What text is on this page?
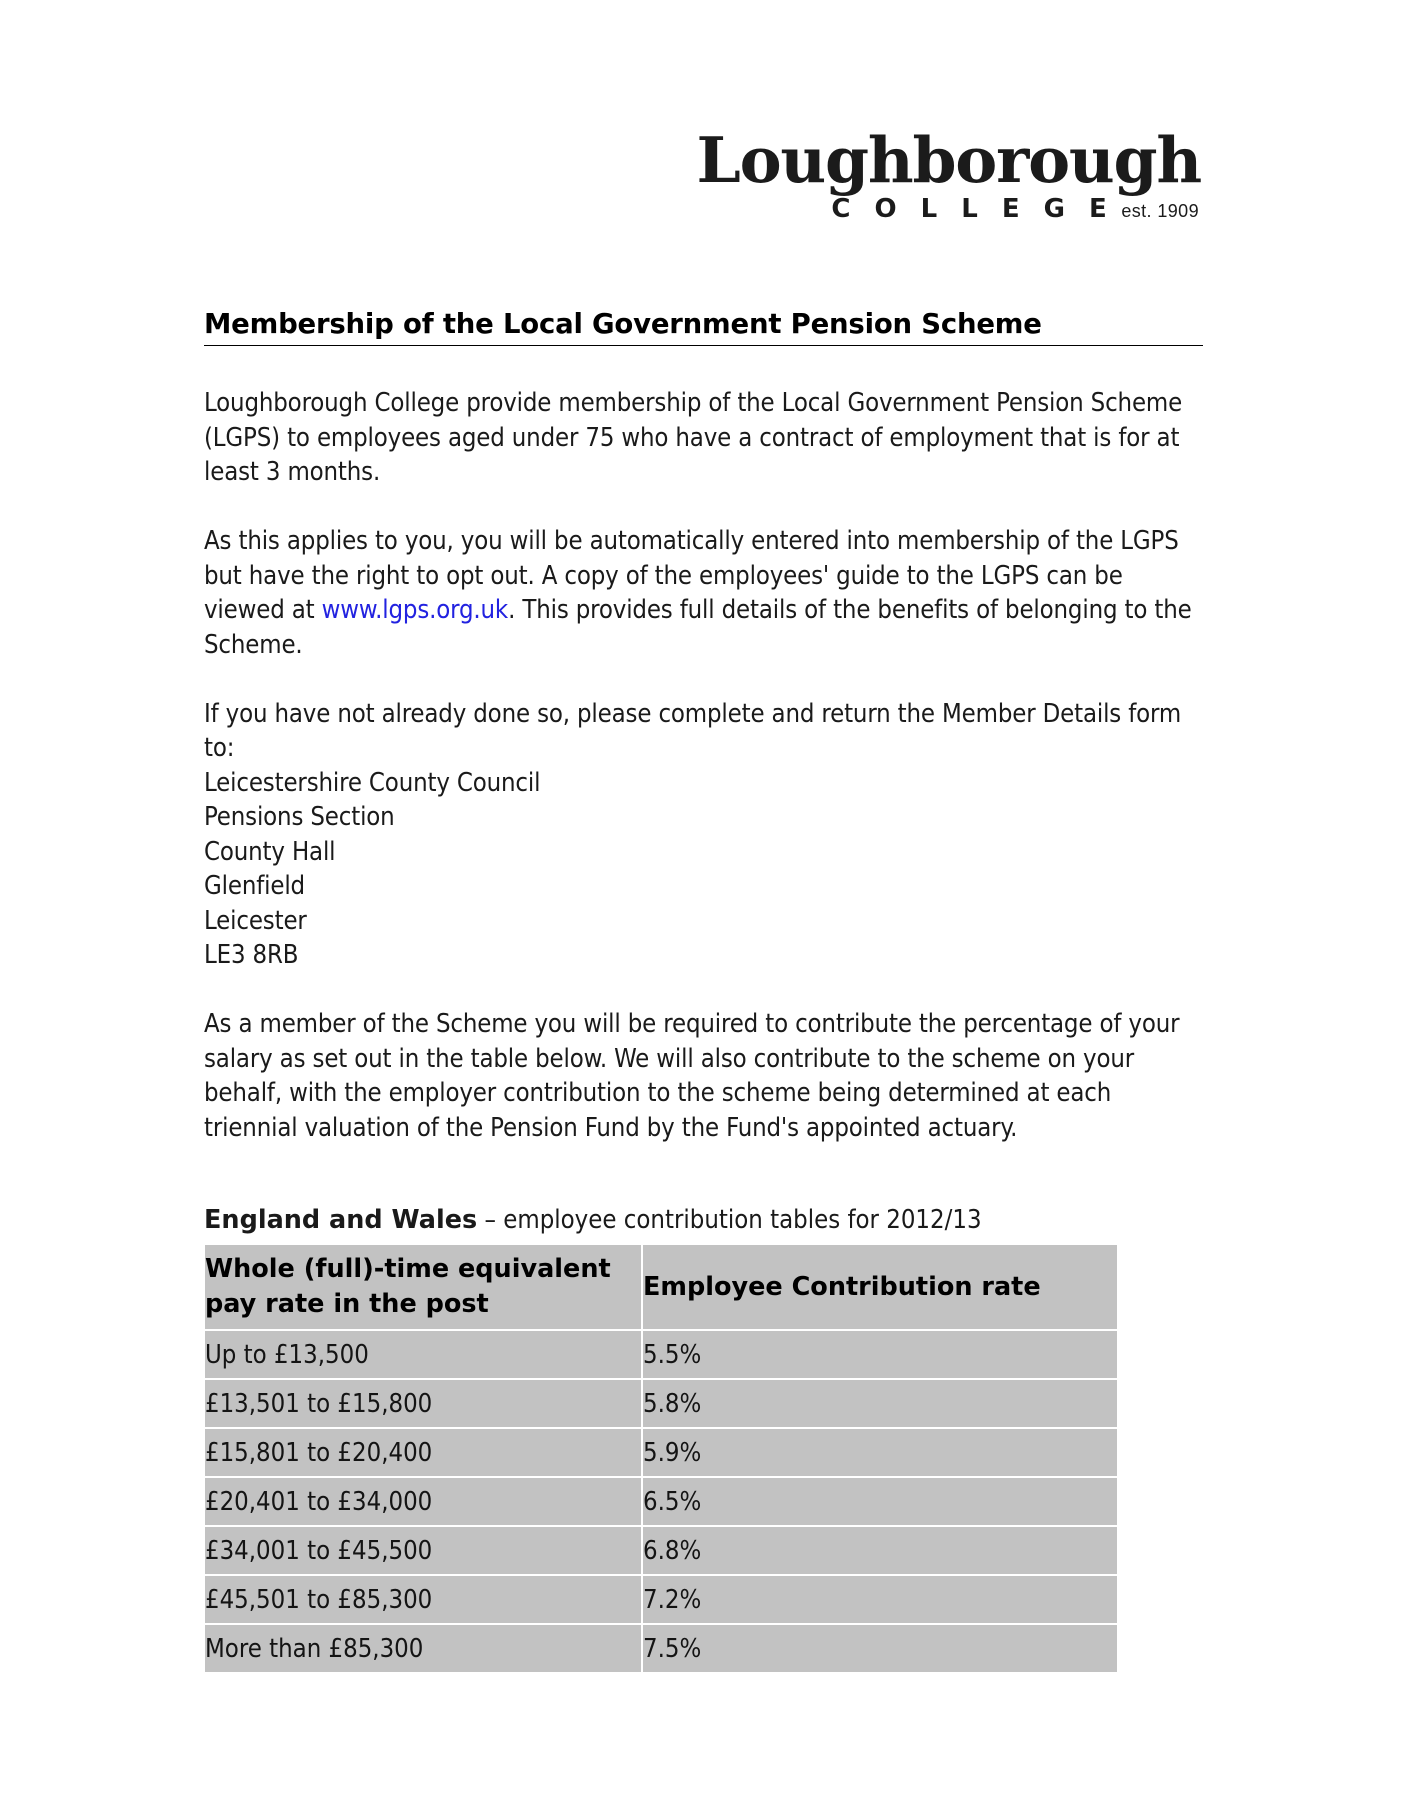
Loughborough
C O L L E G E est. 1909
Membership of the Local Government Pension Scheme

Loughborough College provide membership of the Local Government Pension Scheme (LGPS) to employees aged under 75 who have a contract of employment that is for at least 3 months.

As this applies to you, you will be automatically entered into membership of the LGPS but have the right to opt out. A copy of the employees' guide to the LGPS can be viewed at www.lgps.org.uk. This provides full details of the benefits of belonging to the Scheme.

If you have not already done so, please complete and return the Member Details form to:

Leicestershire County Council
Pensions Section
County Hall
Glenfield
Leicester
LE3 8RB

As a member of the Scheme you will be required to contribute the percentage of your salary as set out in the table below. We will also contribute to the scheme on your behalf, with the employer contribution to the scheme being determined at each triennial valuation of the Pension Fund by the Fund's appointed actuary.

England and Wales – employee contribution tables for 2012/13
Whole (full)-time equivalent pay rate in the post	Employee Contribution rate
Up to £13,500	5.5%
£13,501 to £15,800	5.8%
£15,801 to £20,400	5.9%
£20,401 to £34,000	6.5%
£34,001 to £45,500	6.8%
£45,501 to £85,300	7.2%
More than £85,300	7.5%
